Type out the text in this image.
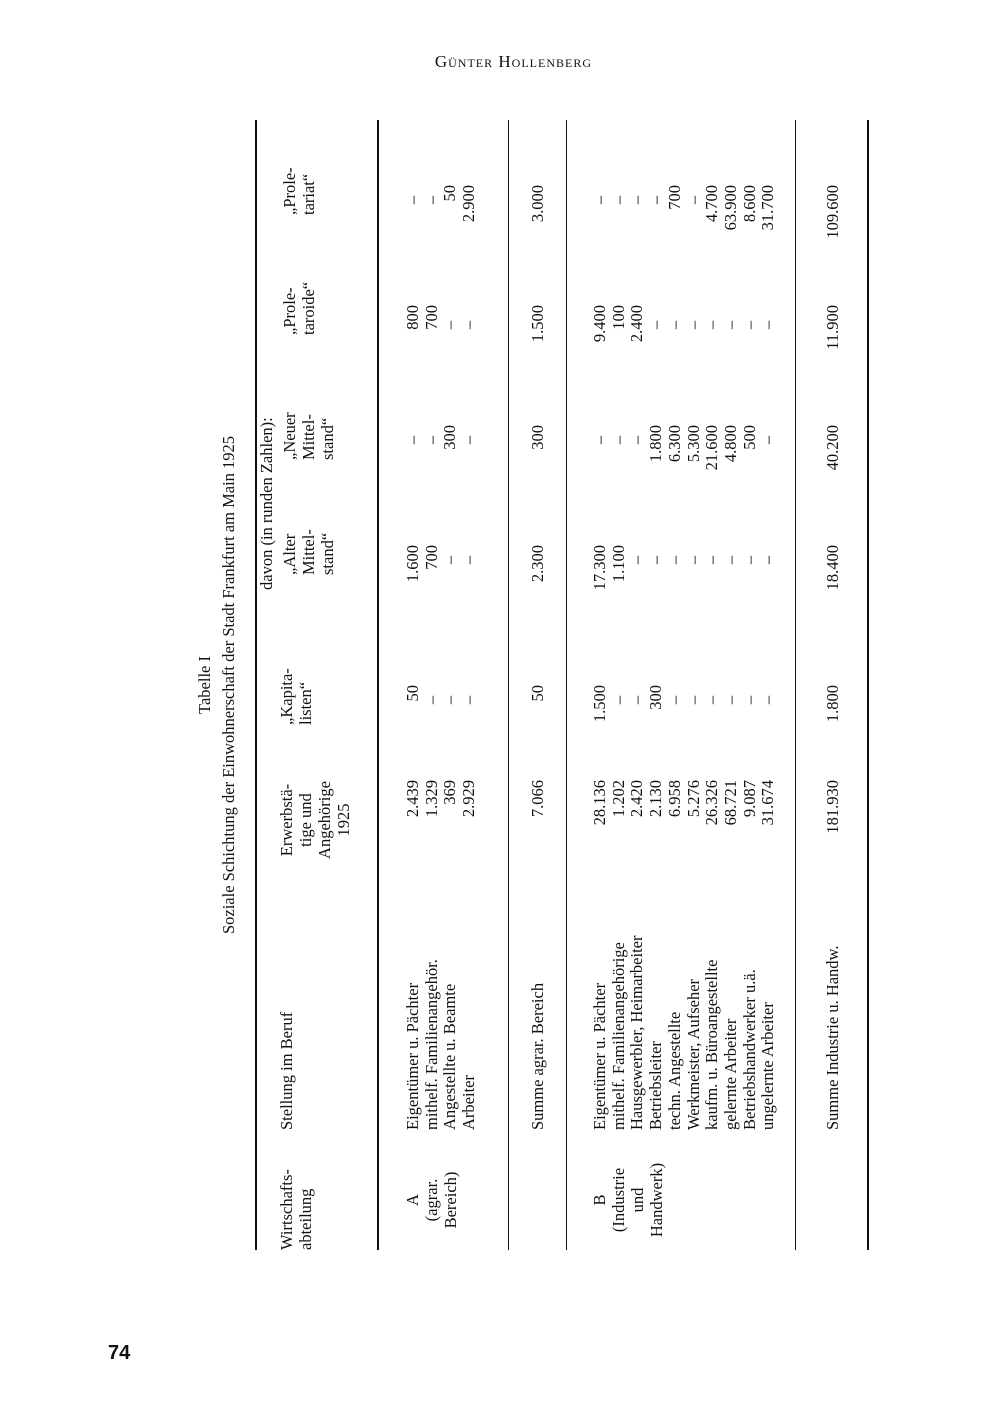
Günter Hollenberg
74
Tabelle I Soziale Schichtung der Einwohnerschaft der Stadt Frankfurt am Main 1925
Wirtschafts-
abteilung
Stellung im Beruf
Erwerbstä-
tige und
Angehörige
1925
„Kapita-
listen“
davon (in runden Zahlen): „Alter
Mittel-
stand“
„Neuer
Mittel-
stand“
„Prole-
taroide“
„Prole-
tariat“
A
(agrar.
Bereich)
Eigentümer u. Pächter
2.439
50
1.600
–
800
–
mithelf. Familienangehör.
1.329
–
700
–
700
–
Angestellte u. Beamte
369
–
–
300
–
50
Arbeiter
2.929
–
–
–
–
2.900
Summe agrar. Bereich
7.066
50
2.300
300
1.500
3.000
B
(Industrie
und
Handwerk)
Eigentümer u. Pächter
28.136
1.500
17.300
–
9.400
–
mithelf. Familienangehörige
1.202
–
1.100
–
100
–
Hausgewerbler, Heimarbeiter
2.420
–
–
–
2.400
–
Betriebsleiter
2.130
300
–
1.800
–
–
techn. Angestellte
6.958
–
–
6.300
–
700
Werkmeister, Aufseher
5.276
–
–
5.300
–
–
kaufm. u. Büroangestellte
26.326
–
–
21.600
–
4.700
gelernte Arbeiter
68.721
–
–
4.800
–
63.900
Betriebshandwerker u.ä.
9.087
–
–
500
–
8.600
ungelernte Arbeiter
31.674
–
–
–
–
31.700
Summe Industrie u. Handw.
181.930
1.800
18.400
40.200
11.900
109.600
